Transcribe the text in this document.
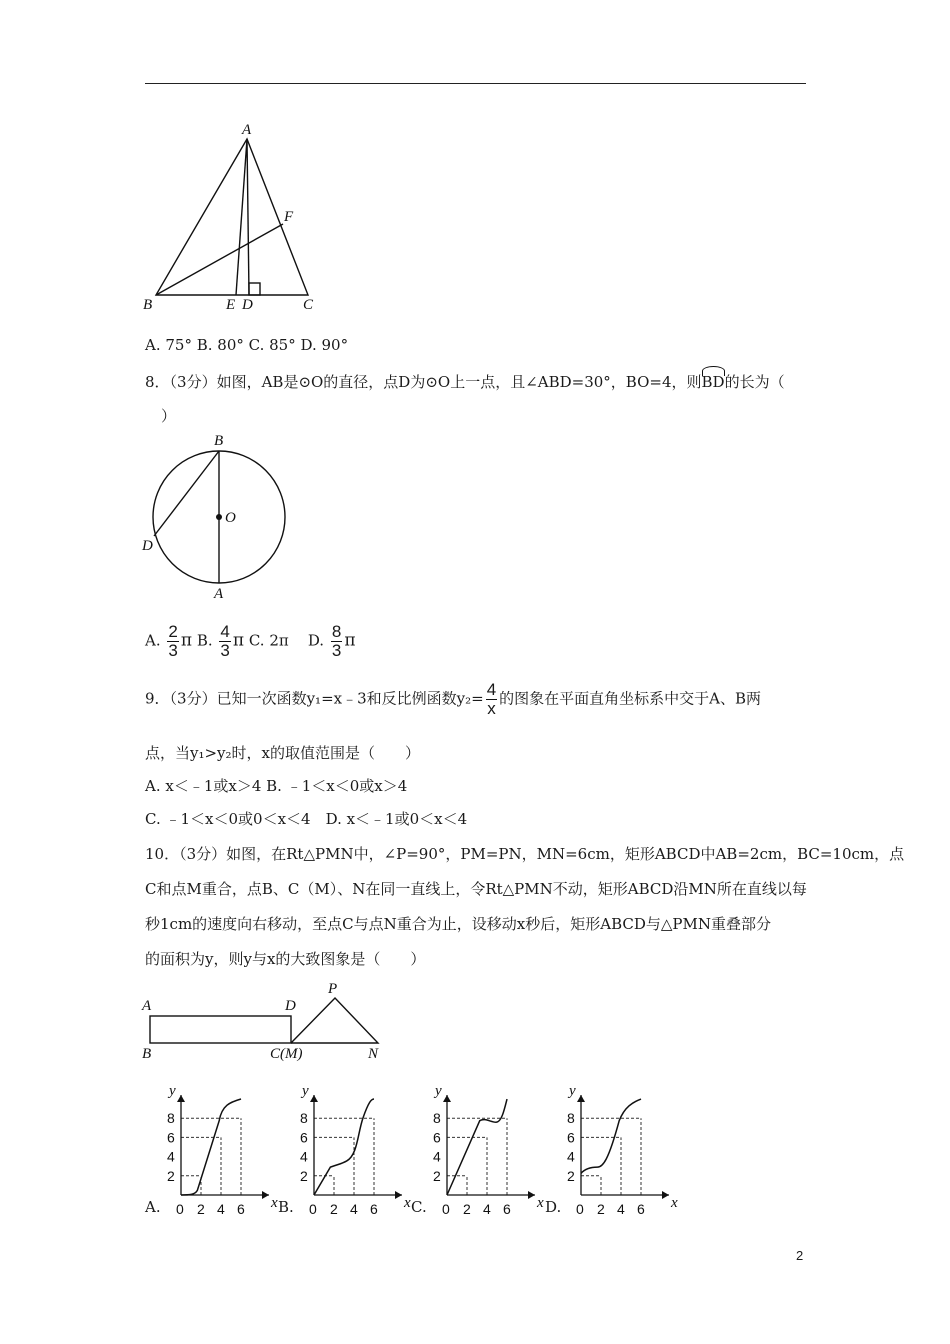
A
B	E D	C
F
A. 75° B. 80° C. 85° D. 90°
8．（3分）如图，AB是⊙O的直径，点D为⊙O上一点，且∠ABD=30°，BO=4，则BD的长为（
）
B
O
D
A
A. $\frac{2}{3}$ π B. $\frac{4}{3}$ π C. 2π D. $\frac{8}{3}$ π
9．（3分）已知一次函数y₁=x﹣3和反比例函数$y_2= \frac{4}{x}$ 的图象在平面直角坐标系中交于A、B两
点，当y₁>y₂时，x的取值范围是（　　）
A. x＜﹣1或x＞4 B. ﹣1＜x＜0或x＞4
C. ﹣1＜x＜0或0＜x＜4　D. x＜﹣1或0＜x＜4
10．（3分）如图，在Rt△PMN中，∠P=90°，PM=PN，MN=6cm，矩形ABCD中AB=2cm，BC=10cm，点
C和点M重合，点B、C（M）、N在同一直线上，令Rt△PMN不动，矩形ABCD沿MN所在直线以每
秒1cm的速度向右移动，至点C与点N重合为止，设移动x秒后，矩形ABCD与△PMN重叠部分
的面积为y，则y与x的大致图象是（　　）
A	D
P
B	C(M)	N
y
x
8
6
4
2
0 2 4 6
A.
y
x
8
6
4
2
0 2 4 6
B.
y
x
8
6
4
2
0 2 4 6
C.
y
x
8
6
4
2
0 2 4 6
D.
2
